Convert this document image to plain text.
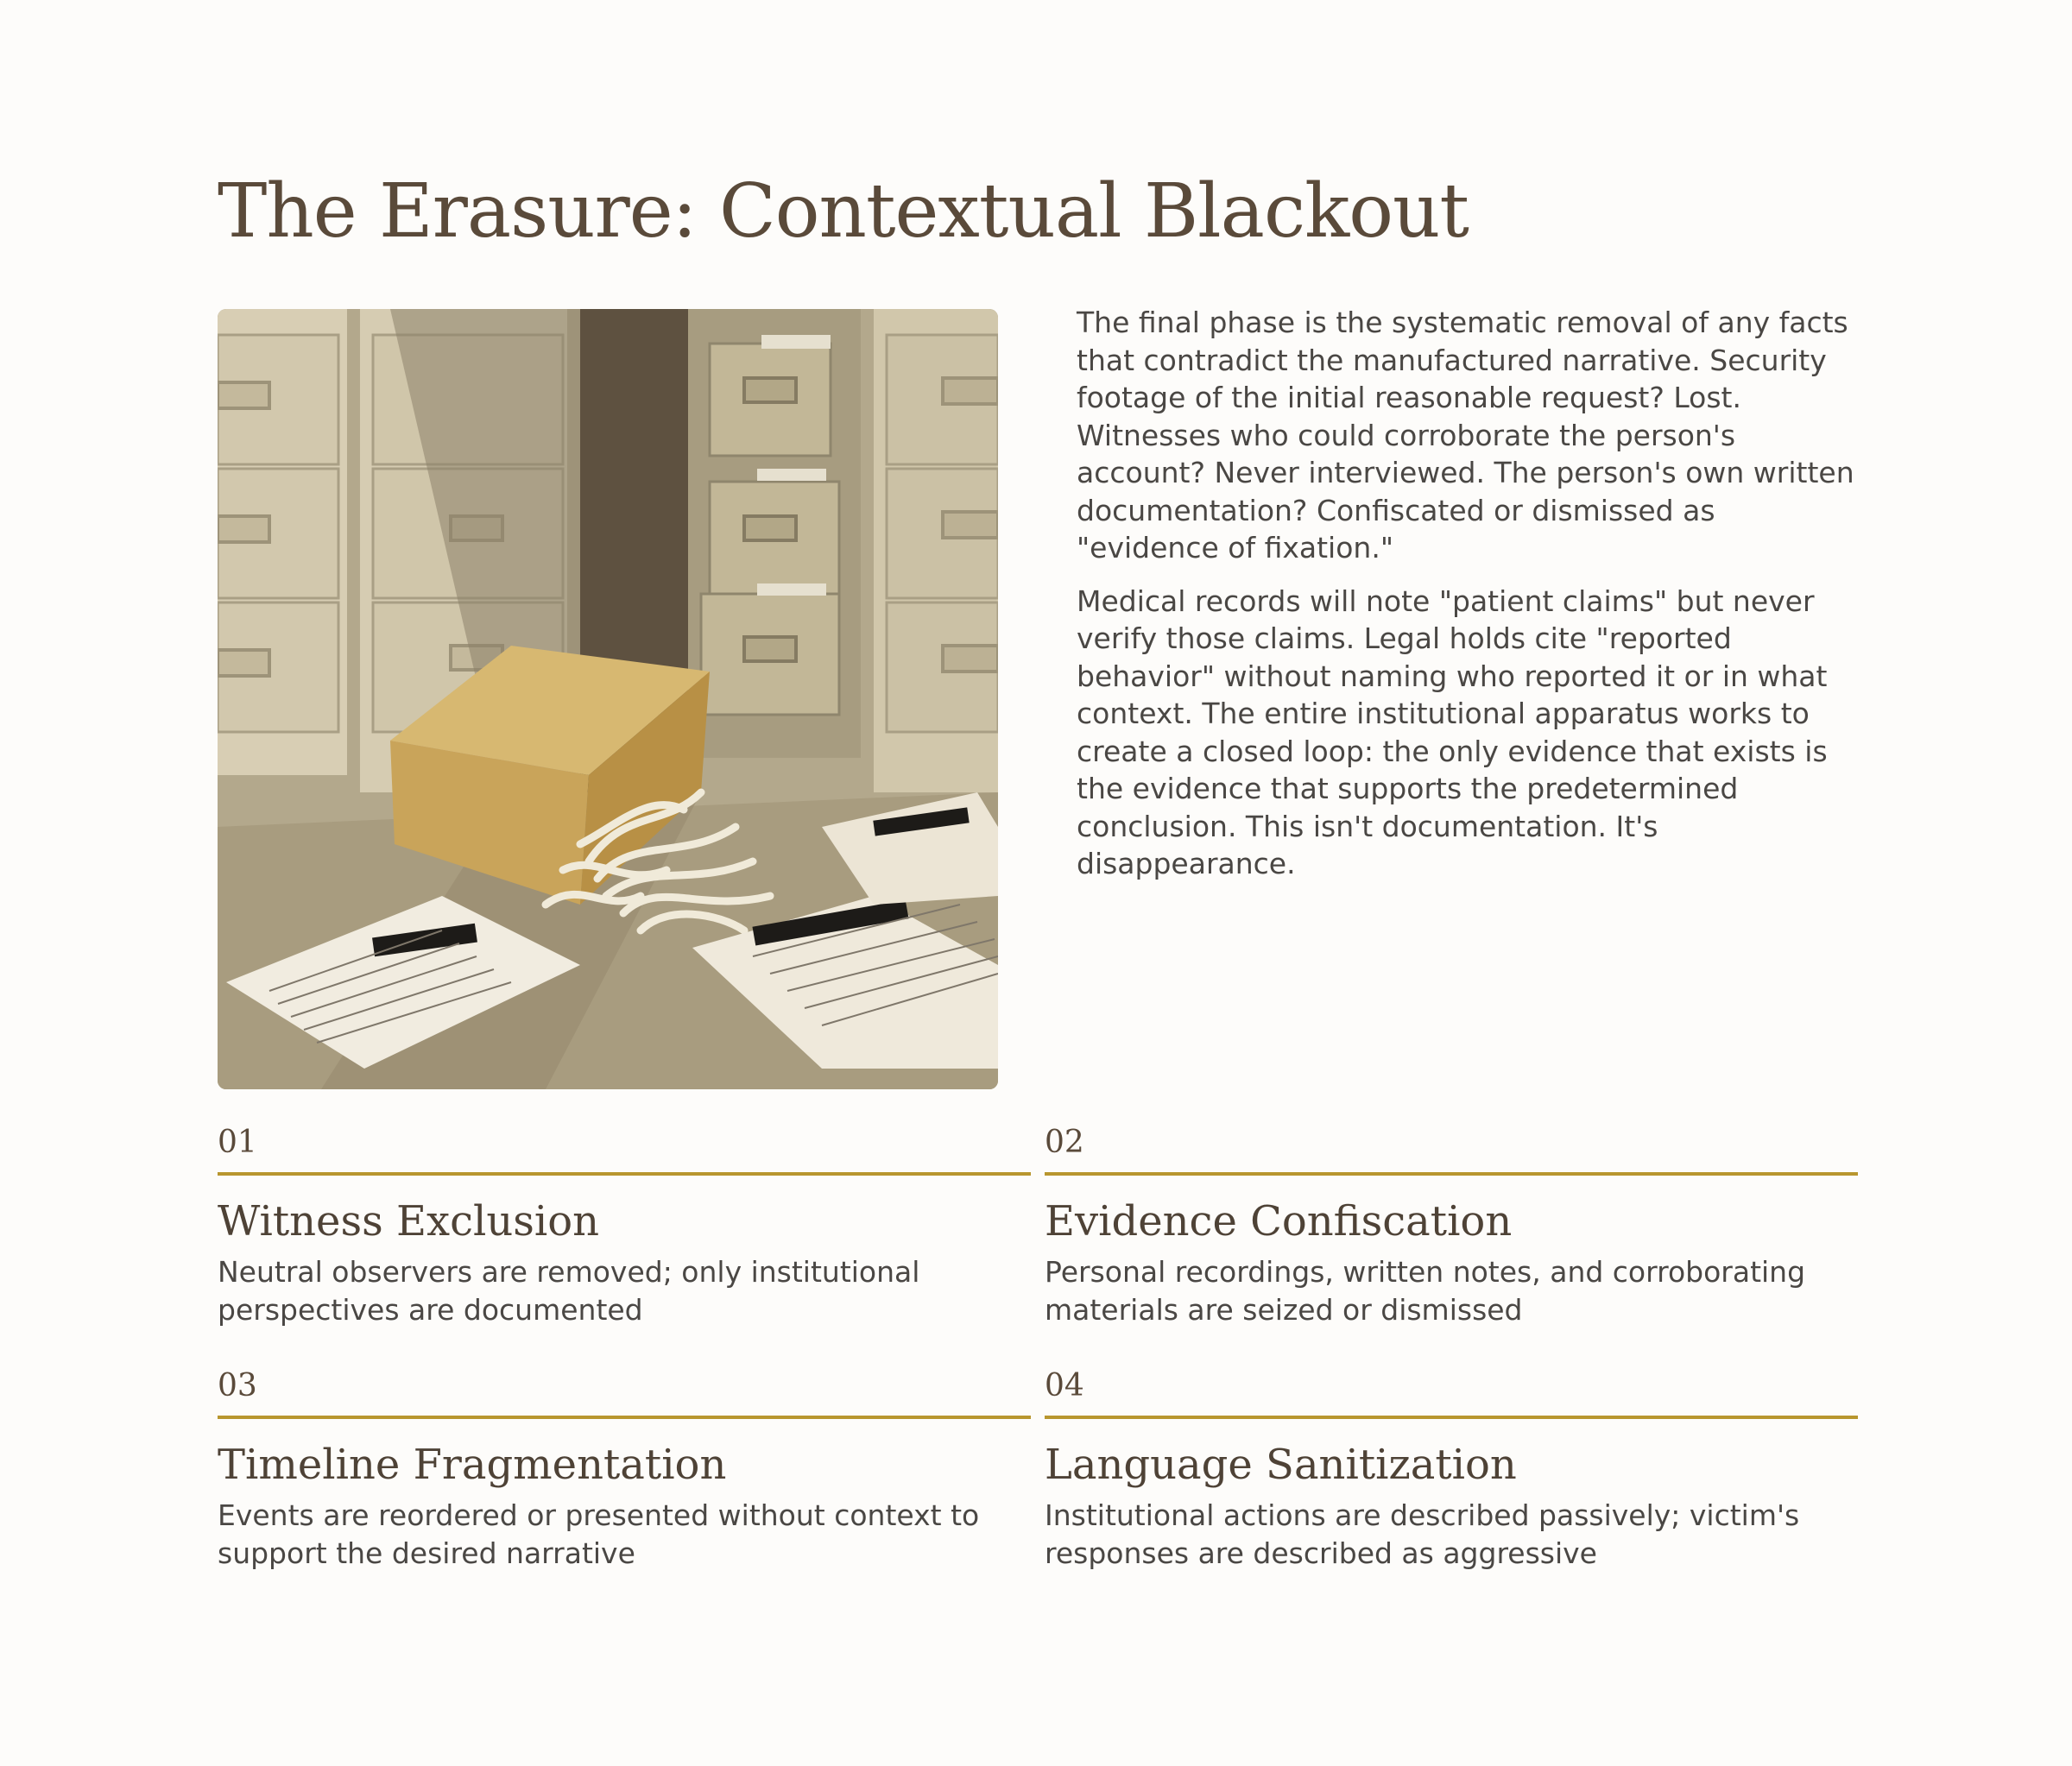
The Erasure: Contextual Blackout

The final phase is the systematic removal of any facts that contradict the manufactured narrative. Security footage of the initial reasonable request? Lost. Witnesses who could corroborate the person's account? Never interviewed. The person's own written documentation? Confiscated or dismissed as "evidence of fixation."

Medical records will note "patient claims" but never verify those claims. Legal holds cite "reported behavior" without naming who reported it or in what context. The entire institutional apparatus works to create a closed loop: the only evidence that exists is the evidence that supports the predetermined conclusion. This isn't documentation. It's disappearance.

01
Witness Exclusion
Neutral observers are removed; only institutional perspectives are documented
02
Evidence Confiscation
Personal recordings, written notes, and corroborating materials are seized or dismissed
03
Timeline Fragmentation
Events are reordered or presented without context to support the desired narrative
04
Language Sanitization
Institutional actions are described passively; victim's responses are described as aggressive
